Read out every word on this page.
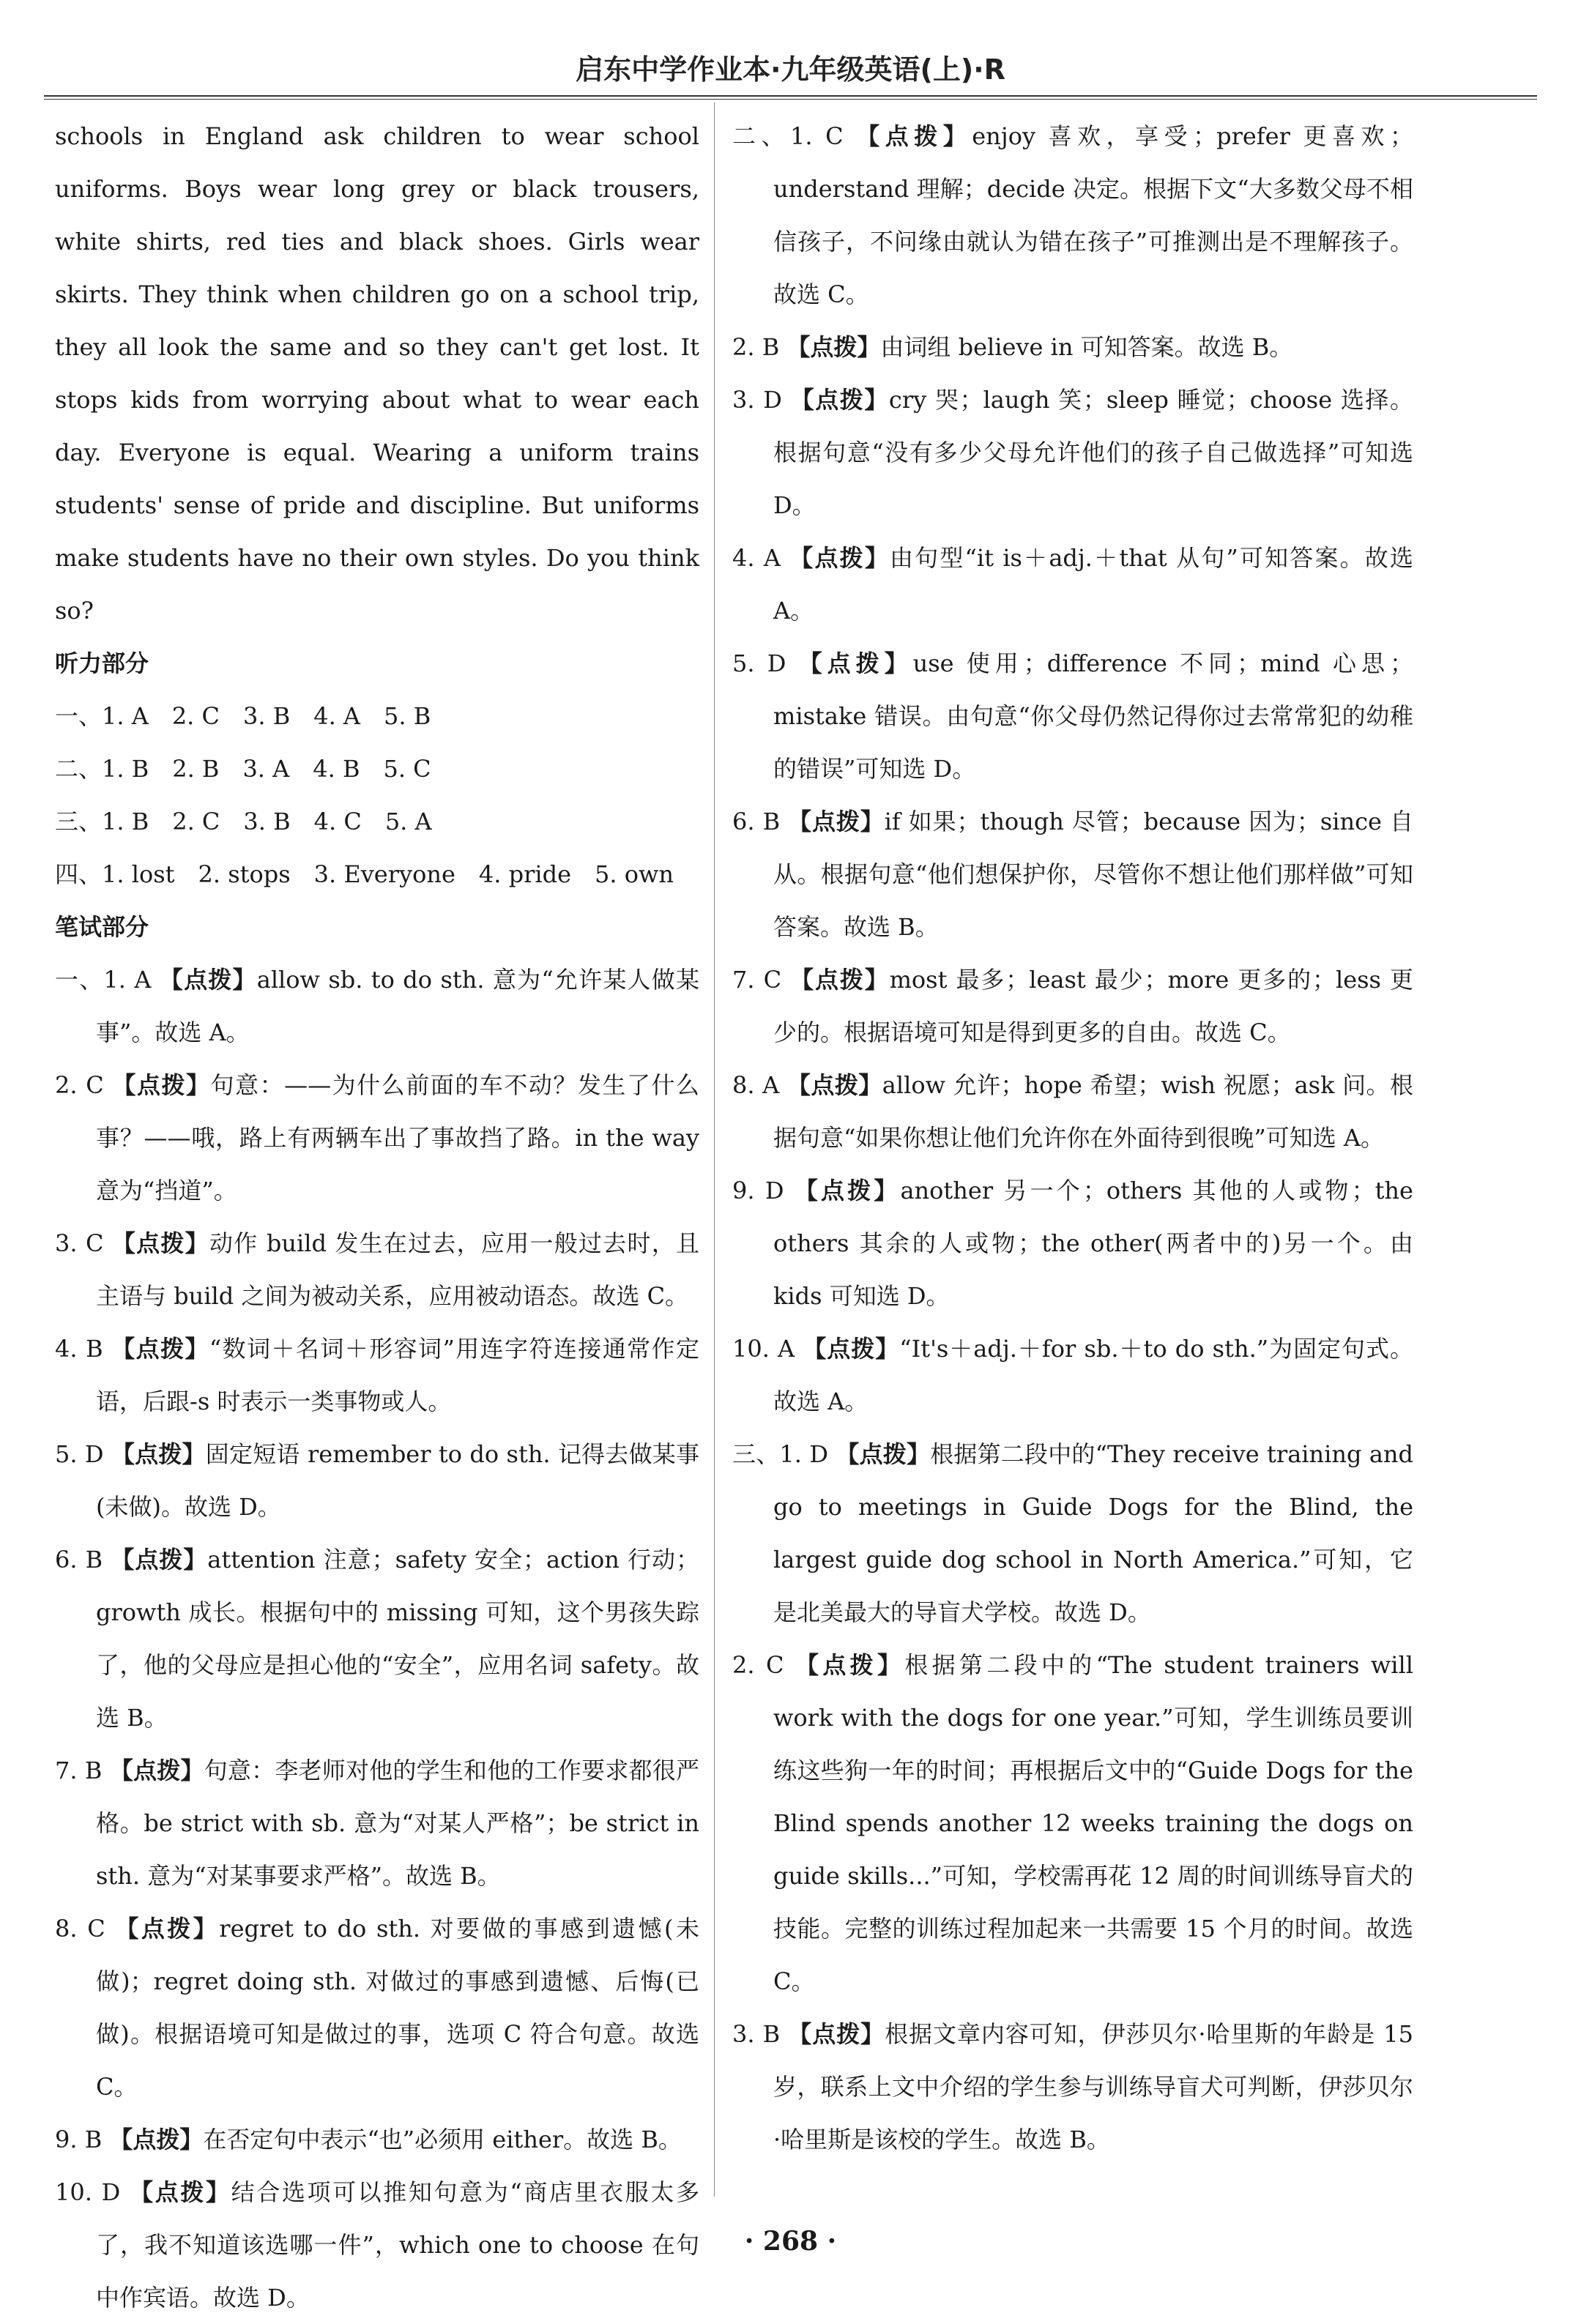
启东中学作业本·九年级英语(上)·R

schools in England ask children to wear school uniforms. Boys wear long grey or black trousers, white shirts, red ties and black shoes. Girls wear skirts. They think when children go on a school trip, they all look the same and so they can't get lost. It stops kids from worrying about what to wear each day. Everyone is equal. Wearing a uniform trains students' sense of pride and discipline. But uniforms make students have no their own styles. Do you think so?

听力部分

一、1. A　2. C　3. B　4. A　5. B

二、1. B　2. B　3. A　4. B　5. C

三、1. B　2. C　3. B　4. C　5. A

四、1. lost　2. stops　3. Everyone　4. pride　5. own

笔试部分

一、1. A 【点拨】allow sb. to do sth. 意为“允许某人做某事”。故选 A。

2. C 【点拨】句意：——为什么前面的车不动？发生了什么事？——哦，路上有两辆车出了事故挡了路。in the way 意为“挡道”。

3. C 【点拨】动作 build 发生在过去，应用一般过去时，且主语与 build 之间为被动关系，应用被动语态。故选 C。

4. B 【点拨】“数词＋名词＋形容词”用连字符连接通常作定语，后跟-s 时表示一类事物或人。

5. D 【点拨】固定短语 remember to do sth. 记得去做某事(未做)。故选 D。

6. B 【点拨】attention 注意；safety 安全；action 行动；growth 成长。根据句中的 missing 可知，这个男孩失踪了，他的父母应是担心他的“安全”，应用名词 safety。故选 B。

7. B 【点拨】句意：李老师对他的学生和他的工作要求都很严格。be strict with sb. 意为“对某人严格”；be strict in sth. 意为“对某事要求严格”。故选 B。

8. C 【点拨】regret to do sth. 对要做的事感到遗憾(未做)；regret doing sth. 对做过的事感到遗憾、后悔(已做)。根据语境可知是做过的事，选项 C 符合句意。故选 C。

9. B 【点拨】在否定句中表示“也”必须用 either。故选 B。

10. D 【点拨】结合选项可以推知句意为“商店里衣服太多了，我不知道该选哪一件”，which one to choose 在句中作宾语。故选 D。

二、1. C 【点拨】enjoy 喜欢，享受；prefer 更喜欢；understand 理解；decide 决定。根据下文“大多数父母不相信孩子，不问缘由就认为错在孩子”可推测出是不理解孩子。故选 C。

2. B 【点拨】由词组 believe in 可知答案。故选 B。

3. D 【点拨】cry 哭；laugh 笑；sleep 睡觉；choose 选择。根据句意“没有多少父母允许他们的孩子自己做选择”可知选 D。

4. A 【点拨】由句型“it is＋adj.＋that 从句”可知答案。故选 A。

5. D 【点拨】use 使用；difference 不同；mind 心思；mistake 错误。由句意“你父母仍然记得你过去常常犯的幼稚的错误”可知选 D。

6. B 【点拨】if 如果；though 尽管；because 因为；since 自从。根据句意“他们想保护你，尽管你不想让他们那样做”可知答案。故选 B。

7. C 【点拨】most 最多；least 最少；more 更多的；less 更少的。根据语境可知是得到更多的自由。故选 C。

8. A 【点拨】allow 允许；hope 希望；wish 祝愿；ask 问。根据句意“如果你想让他们允许你在外面待到很晚”可知选 A。

9. D 【点拨】another 另一个；others 其他的人或物；the others 其余的人或物；the other(两者中的)另一个。由 kids 可知选 D。

10. A 【点拨】“It's＋adj.＋for sb.＋to do sth.”为固定句式。故选 A。

三、1. D 【点拨】根据第二段中的“They receive training and go to meetings in Guide Dogs for the Blind, the largest guide dog school in North America.”可知，它是北美最大的导盲犬学校。故选 D。

2. C 【点拨】根据第二段中的“The student trainers will work with the dogs for one year.”可知，学生训练员要训练这些狗一年的时间；再根据后文中的“Guide Dogs for the Blind spends another 12 weeks training the dogs on guide skills...”可知，学校需再花 12 周的时间训练导盲犬的技能。完整的训练过程加起来一共需要 15 个月的时间。故选 C。

3. B 【点拨】根据文章内容可知，伊莎贝尔·哈里斯的年龄是 15 岁，联系上文中介绍的学生参与训练导盲犬可判断，伊莎贝尔·哈里斯是该校的学生。故选 B。

· 268 ·
